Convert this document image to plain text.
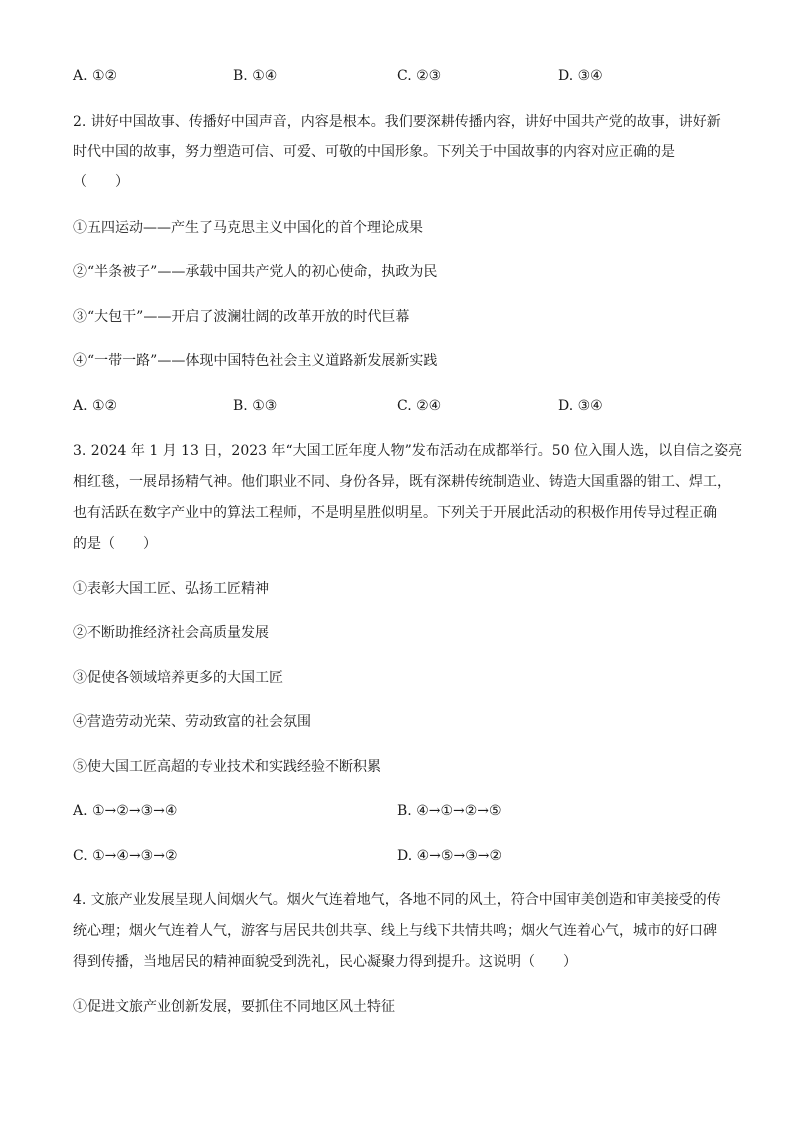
A. ①②	B. ①④	C. ②③	D. ③④
2. 讲好中国故事、传播好中国声音，内容是根本。我们要深耕传播内容，讲好中国共产党的故事，讲好新
时代中国的故事，努力塑造可信、可爱、可敬的中国形象。下列关于中国故事的内容对应正确的是
（　　）
①五四运动——产生了马克思主义中国化的首个理论成果
②“半条被子”——承载中国共产党人的初心使命，执政为民
③“大包干”——开启了波澜壮阔的改革开放的时代巨幕
④“一带一路”——体现中国特色社会主义道路新发展新实践
A. ①②	B. ①③	C. ②④	D. ③④
3. 2024 年 1 月 13 日，2023 年“大国工匠年度人物”发布活动在成都举行。50 位入围人选，以自信之姿亮
相红毯，一展昂扬精气神。他们职业不同、身份各异，既有深耕传统制造业、铸造大国重器的钳工、焊工，
也有活跃在数字产业中的算法工程师，不是明星胜似明星。下列关于开展此活动的积极作用传导过程正确
的是（　　）
①表彰大国工匠、弘扬工匠精神
②不断助推经济社会高质量发展
③促使各领域培养更多的大国工匠
④营造劳动光荣、劳动致富的社会氛围
⑤使大国工匠高超的专业技术和实践经验不断积累
A. ①→②→③→④	B. ④→①→②→⑤
C. ①→④→③→②	D. ④→⑤→③→②
4. 文旅产业发展呈现人间烟火气。烟火气连着地气，各地不同的风土，符合中国审美创造和审美接受的传
统心理；烟火气连着人气，游客与居民共创共享、线上与线下共情共鸣；烟火气连着心气，城市的好口碑
得到传播，当地居民的精神面貌受到洗礼，民心凝聚力得到提升。这说明（　　）
①促进文旅产业创新发展，要抓住不同地区风土特征
